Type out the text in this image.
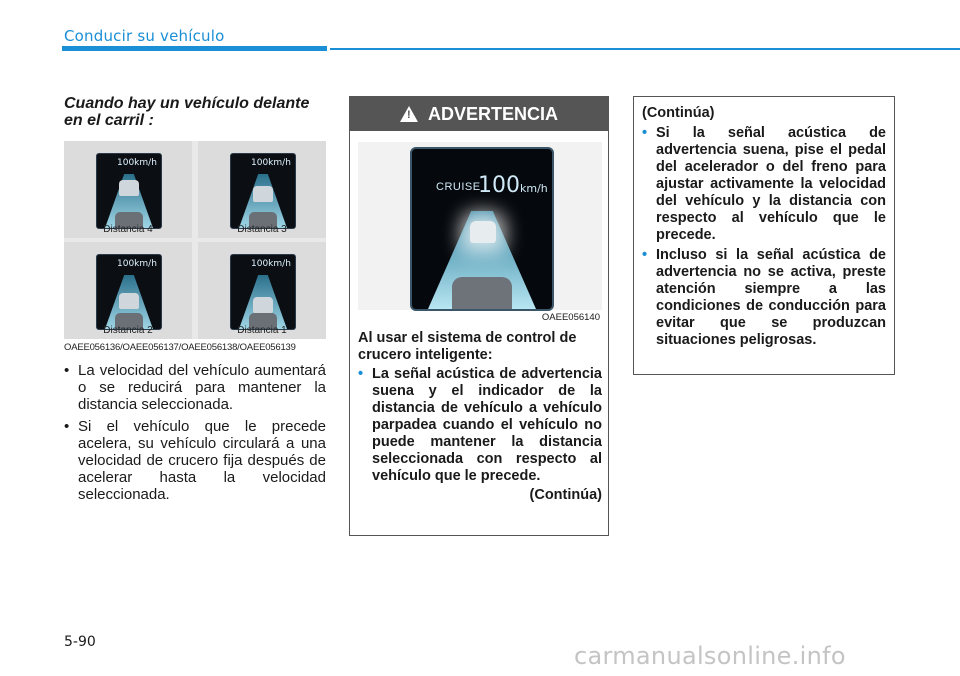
Conducir su vehículo
Cuando hay un vehículo delante en el carril :
100km/h
Distancia 4
100km/h
Distancia 3
100km/h
Distancia 2
100km/h
Distancia 1
OAEE056136/OAEE056137/OAEE056138/OAEE056139
• La velocidad del vehículo aumentará o se reducirá para mantener la distancia seleccionada.
• Si el vehículo que le precede acelera, su vehículo circulará a una velocidad de crucero fija después de acelerar hasta la velocidad seleccionada.
! ADVERTENCIA
CRUISE
100km/h
OAEE056140
Al usar el sistema de control de crucero inteligente:
• La señal acústica de advertencia suena y el indicador de la distancia de vehículo a vehículo parpadea cuando el vehículo no puede mantener la distancia seleccionada con respecto al vehículo que le precede.
(Continúa)
(Continúa)
• Si la señal acústica de advertencia suena, pise el pedal del acelerador o del freno para ajustar activamente la velocidad del vehículo y la distancia con respecto al vehículo que le precede.
• Incluso si la señal acústica de advertencia no se activa, preste atención siempre a las condiciones de conducción para evitar que se produzcan situaciones peligrosas.
5-90	carmanualsonline.info
